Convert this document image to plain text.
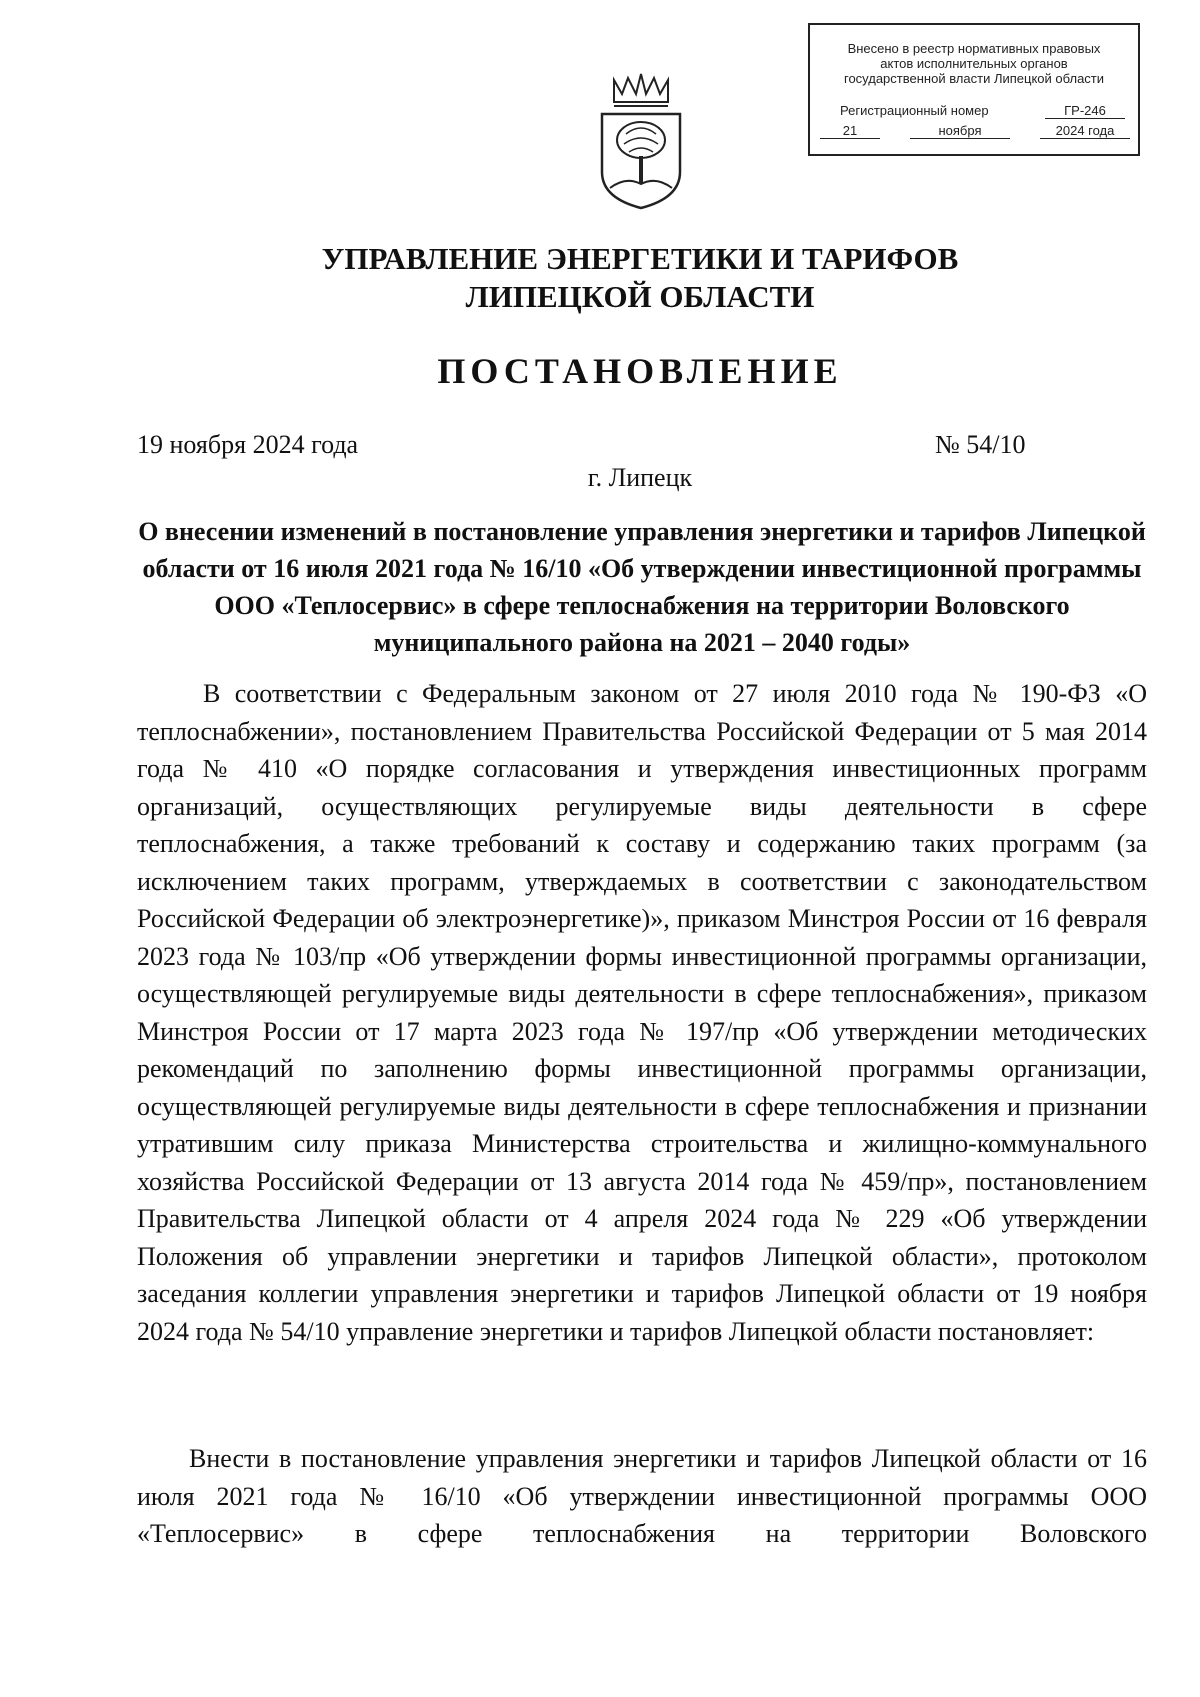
Внесено в реестр нормативных правовых
актов исполнительных органов
государственной власти Липецкой области
Регистрационный номер	ГР-246
21	ноября	2024 года
УПРАВЛЕНИЕ ЭНЕРГЕТИКИ И ТАРИФОВ
ЛИПЕЦКОЙ ОБЛАСТИ
ПОСТАНОВЛЕНИЕ
19 ноября 2024 года	№ 54/10
г. Липецк
О внесении изменений в постановление управления энергетики и тарифов Липецкой области от 16 июля 2021 года № 16/10 «Об утверждении инвестиционной программы ООО «Теплосервис» в сфере теплоснабжения на территории Воловского муниципального района на 2021 – 2040 годы»

В соответствии с Федеральным законом от 27 июля 2010 года № 190-ФЗ «О теплоснабжении», постановлением Правительства Российской Федерации от 5 мая 2014 года № 410 «О порядке согласования и утверждения инвестиционных программ организаций, осуществляющих регулируемые виды деятельности в сфере теплоснабжения, а также требований к составу и содержанию таких программ (за исключением таких программ, утверждаемых в соответствии с законодательством Российской Федерации об электроэнергетике)», приказом Минстроя России от 16 февраля 2023 года № 103/пр «Об утверждении формы инвестиционной программы организации, осуществляющей регулируемые виды деятельности в сфере теплоснабжения», приказом Минстроя России от 17 марта 2023 года № 197/пр «Об утверждении методических рекомендаций по заполнению формы инвестиционной программы организации, осуществляющей регулируемые виды деятельности в сфере теплоснабжения и признании утратившим силу приказа Министерства строительства и жилищно-коммунального хозяйства Российской Федерации от 13 августа 2014 года № 459/пр», постановлением Правительства Липецкой области от 4 апреля 2024 года № 229 «Об утверждении Положения об управлении энергетики и тарифов Липецкой области», протоколом заседания коллегии управления энергетики и тарифов Липецкой области от 19 ноября 2024 года № 54/10 управление энергетики и тарифов Липецкой области постановляет:

Внести в постановление управления энергетики и тарифов Липецкой области от 16 июля 2021 года № 16/10 «Об утверждении инвестиционной программы ООО «Теплосервис» в сфере теплоснабжения на территории Воловского
